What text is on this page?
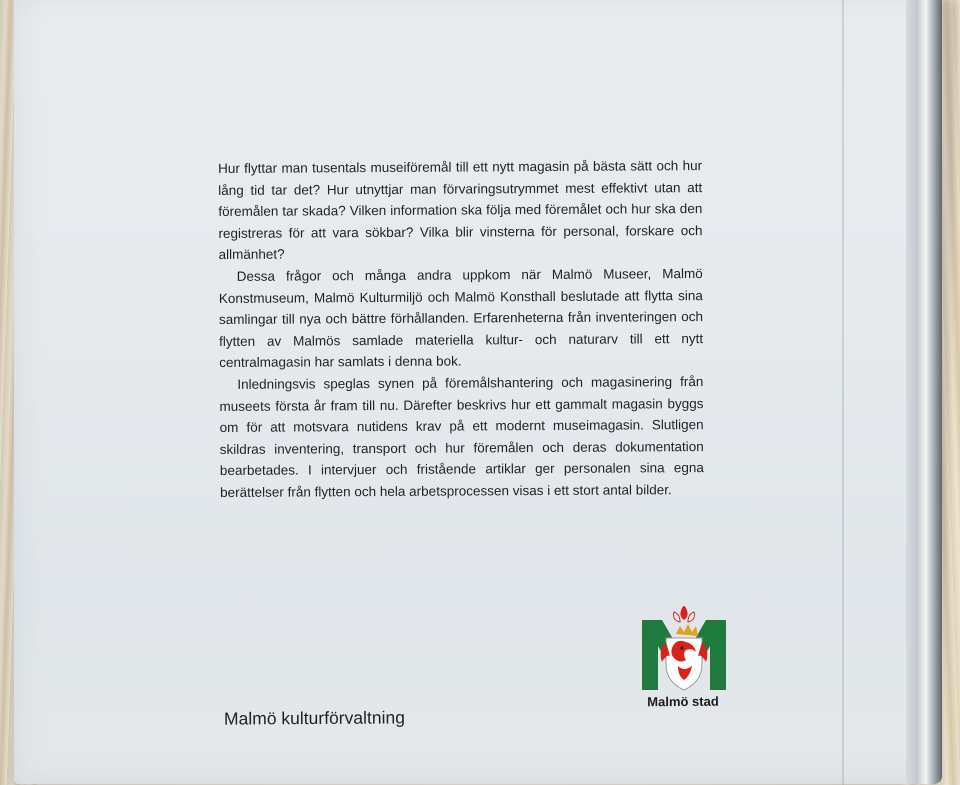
Hur flyttar man tusentals museiföremål till ett nytt magasin på bästa sätt och hur lång tid tar det? Hur utnyttjar man förvaringsutrymmet mest effektivt utan att föremålen tar skada? Vilken information ska följa med föremålet och hur ska den registreras för att vara sökbar? Vilka blir vinsterna för personal, forskare och allmänhet?

Dessa frågor och många andra uppkom när Malmö Museer, Malmö Konstmuseum, Malmö Kulturmiljö och Malmö Konsthall beslutade att flytta sina samlingar till nya och bättre förhållanden. Erfarenheterna från inventeringen och flytten av Malmös samlade materiella kultur- och naturarv till ett nytt centralmagasin har samlats i denna bok.

Inledningsvis speglas synen på föremålshantering och magasinering från museets första år fram till nu. Därefter beskrivs hur ett gammalt magasin byggs om för att motsvara nutidens krav på ett modernt museimagasin. Slutligen skildras inventering, transport och hur föremålen och deras dokumentation bearbetades. I intervjuer och fristående artiklar ger personalen sina egna berättelser från flytten och hela arbetsprocessen visas i ett stort antal bilder.

Malmö kulturförvaltning
Malmö stad
